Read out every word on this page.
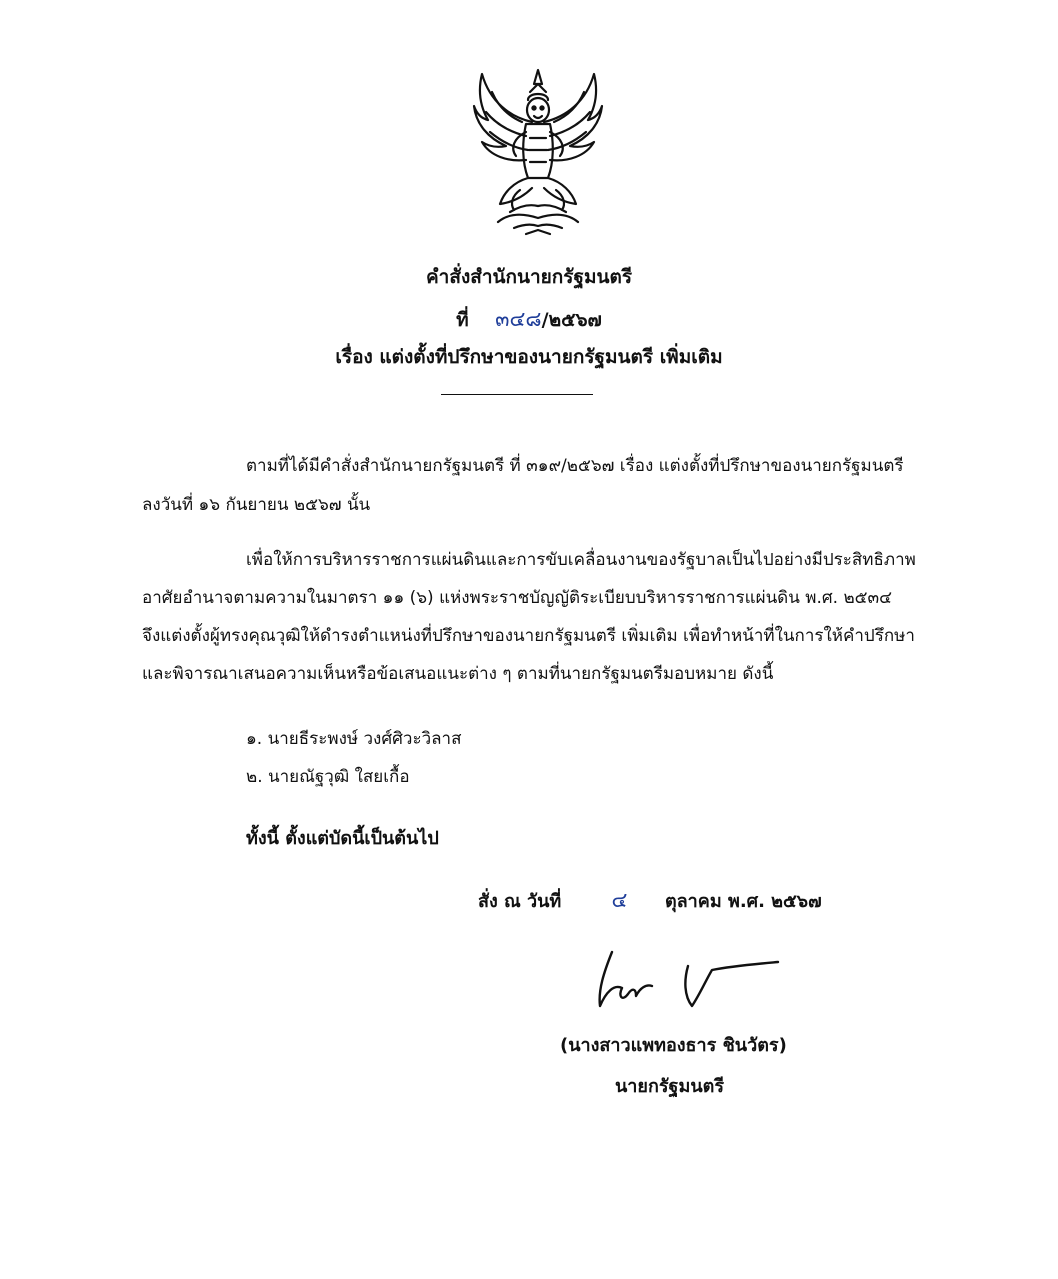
คำสั่งสำนักนายกรัฐมนตรี
ที่ ๓๔๘/๒๕๖๗
เรื่อง แต่งตั้งที่ปรึกษาของนายกรัฐมนตรี เพิ่มเติม
ตามที่ได้มีคำสั่งสำนักนายกรัฐมนตรี ที่ ๓๑๙/๒๕๖๗ เรื่อง แต่งตั้งที่ปรึกษาของนายกรัฐมนตรี
ลงวันที่ ๑๖ กันยายน ๒๕๖๗ นั้น
เพื่อให้การบริหารราชการแผ่นดินและการขับเคลื่อนงานของรัฐบาลเป็นไปอย่างมีประสิทธิภาพ
อาศัยอำนาจตามความในมาตรา ๑๑ (๖) แห่งพระราชบัญญัติระเบียบบริหารราชการแผ่นดิน พ.ศ. ๒๕๓๔
จึงแต่งตั้งผู้ทรงคุณวุฒิให้ดำรงตำแหน่งที่ปรึกษาของนายกรัฐมนตรี เพิ่มเติม เพื่อทำหน้าที่ในการให้คำปรึกษา
และพิจารณาเสนอความเห็นหรือข้อเสนอแนะต่าง ๆ ตามที่นายกรัฐมนตรีมอบหมาย ดังนี้
๑. นายธีระพงษ์ วงศ์ศิวะวิลาส
๒. นายณัฐวุฒิ ใสยเกื้อ
ทั้งนี้ ตั้งแต่บัดนี้เป็นต้นไป
สั่ง ณ วันที่ ๔ ตุลาคม พ.ศ. ๒๕๖๗
(นางสาวแพทองธาร ชินวัตร)
นายกรัฐมนตรี
